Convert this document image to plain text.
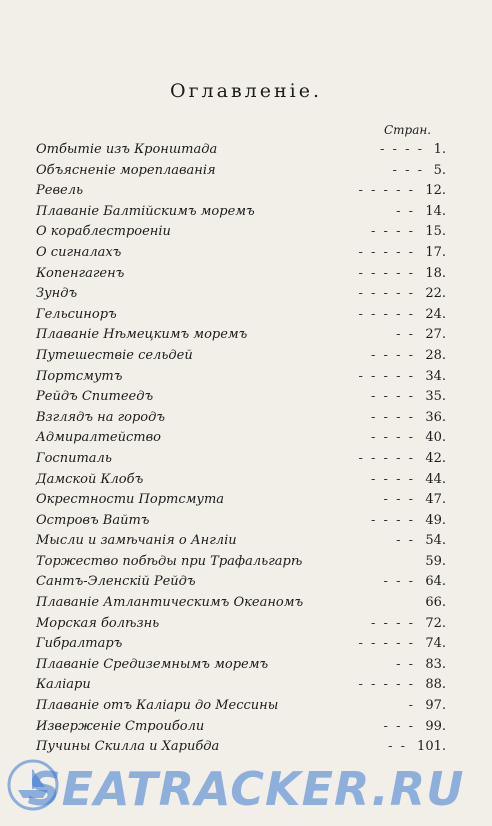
Оглавленіе.
Стран.
Отбытіе изъ Кронштада	- - - - 1.
Объясненіе мореплаванія	- - - 5.
Ревель	- - - - - 12.
Плаваніе Балтійскимъ моремъ	- - 14.
О кораблестроеніи	- - - - 15.
О сигналахъ	- - - - - 17.
Копенгагенъ	- - - - - 18.
Зундъ	- - - - - 22.
Гельсиноръ	- - - - - 24.
Плаваніе Нѣмецкимъ моремъ	- - 27.
Путешествіе сельдей	- - - - 28.
Портсмутъ	- - - - - 34.
Рейдъ Спитеедъ	- - - - 35.
Взглядъ на городъ	- - - - 36.
Адмиралтейство	- - - - 40.
Госпиталь	- - - - - 42.
Дамской Клобъ	- - - - 44.
Окрестности Портсмута	- - - 47.
Островъ Вайтъ	- - - - 49.
Мысли и замѣчанія о Англіи	- - 54.
Торжество побѣды при Трафальгарѣ	59.
Сантъ-Эленскій Рейдъ	- - - 64.
Плаваніе Атлантическимъ Океаномъ	66.
Морская болѣзнь	- - - - 72.
Гибралтаръ	- - - - - 74.
Плаваніе Средиземнымъ моремъ	- - 83.
Каліари	- - - - - 88.
Плаваніе отъ Каліари до Мессины	- 97.
Изверженіе Строиболи	- - - 99.
Пучины Скилла и Харибда	- - 101.
SEATRACKER.RU
